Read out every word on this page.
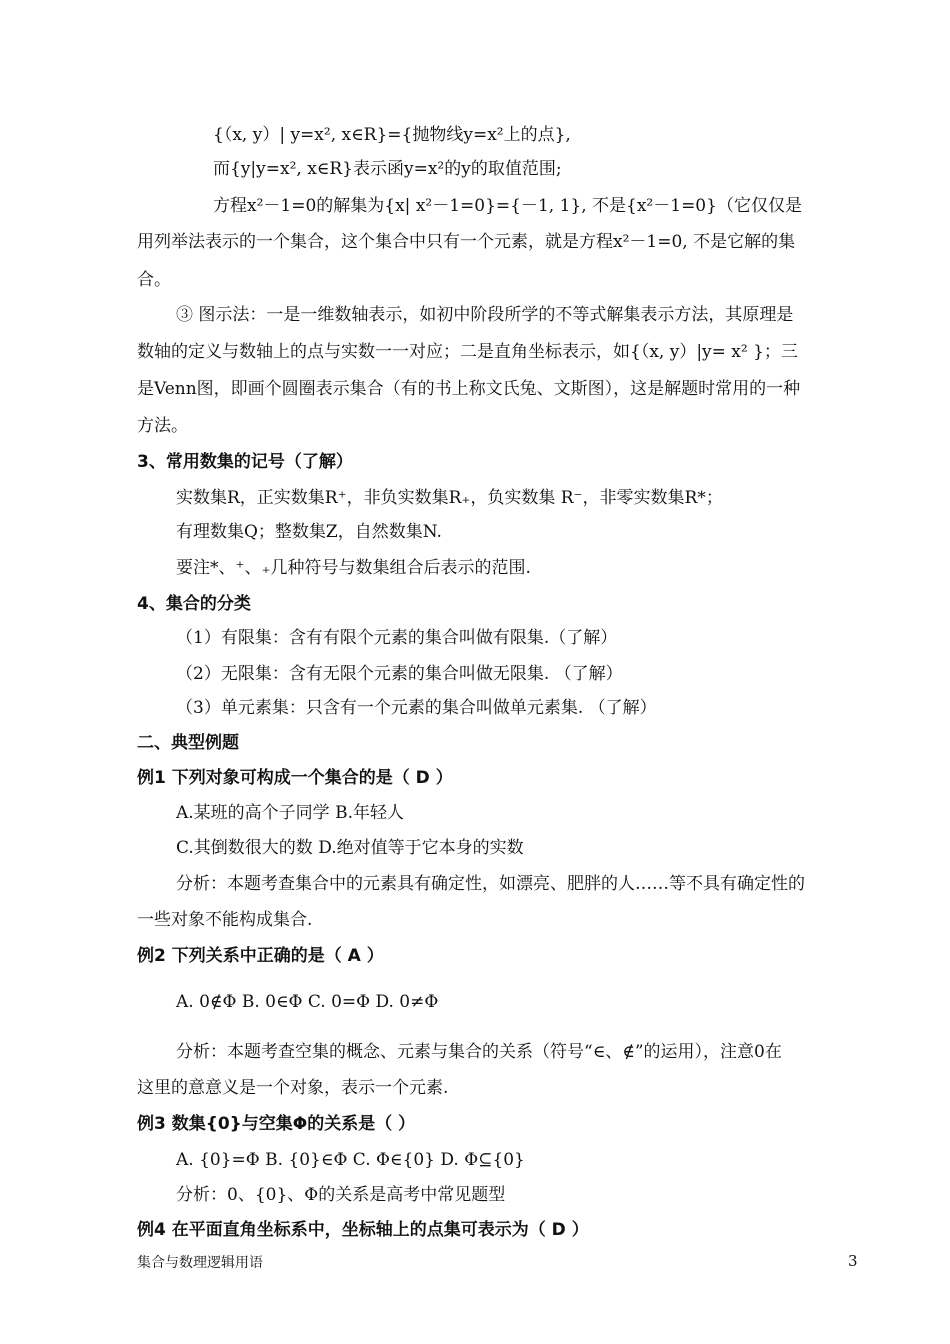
{（x, y）| y=x², x∈R}={抛物线y=x²上的点},
而{y|y=x², x∈R}表示函y=x²的y的取值范围;
方程x²－1=0的解集为{x| x²－1=0}={－1, 1}, 不是{x²－1=0}（它仅仅是
用列举法表示的一个集合，这个集合中只有一个元素，就是方程x²－1=0, 不是它解的集
合。
③ 图示法：一是一维数轴表示，如初中阶段所学的不等式解集表示方法，其原理是
数轴的定义与数轴上的点与实数一一对应；二是直角坐标表示，如{（x, y）|y= x² }；三
是Venn图，即画个圆圈表示集合（有的书上称文氏兔、文斯图），这是解题时常用的一种
方法。
3、常用数集的记号（了解）
实数集R，正实数集R⁺，非负实数集R₊，负实数集 R⁻，非零实数集R*；
有理数集Q；整数集Z，自然数集N.
要注*、⁺、₊几种符号与数集组合后表示的范围.
4、集合的分类
（1）有限集：含有有限个元素的集合叫做有限集.（了解）
（2）无限集：含有无限个元素的集合叫做无限集. （了解）
（3）单元素集：只含有一个元素的集合叫做单元素集. （了解）
二、典型例题
例1 下列对象可构成一个集合的是（ D ）
A.某班的高个子同学 B.年轻人
C.其倒数很大的数 D.绝对值等于它本身的实数
分析：本题考查集合中的元素具有确定性，如漂亮、肥胖的人……等不具有确定性的
一些对象不能构成集合.
例2 下列关系中正确的是（ A ）
A. 0∉Φ B. 0∈Φ C. 0=Φ D. 0≠Φ
分析：本题考查空集的概念、元素与集合的关系（符号“∈、∉”的运用），注意0在
这里的意意义是一个对象，表示一个元素.
例3 数集{0}与空集Φ的关系是（ ）
A. {0}=Φ B. {0}∈Φ C. Φ∈{0} D. Φ⊆{0}
分析：0、{0}、Φ的关系是高考中常见题型
例4 在平面直角坐标系中，坐标轴上的点集可表示为（ D ）
集合与数理逻辑用语	3
